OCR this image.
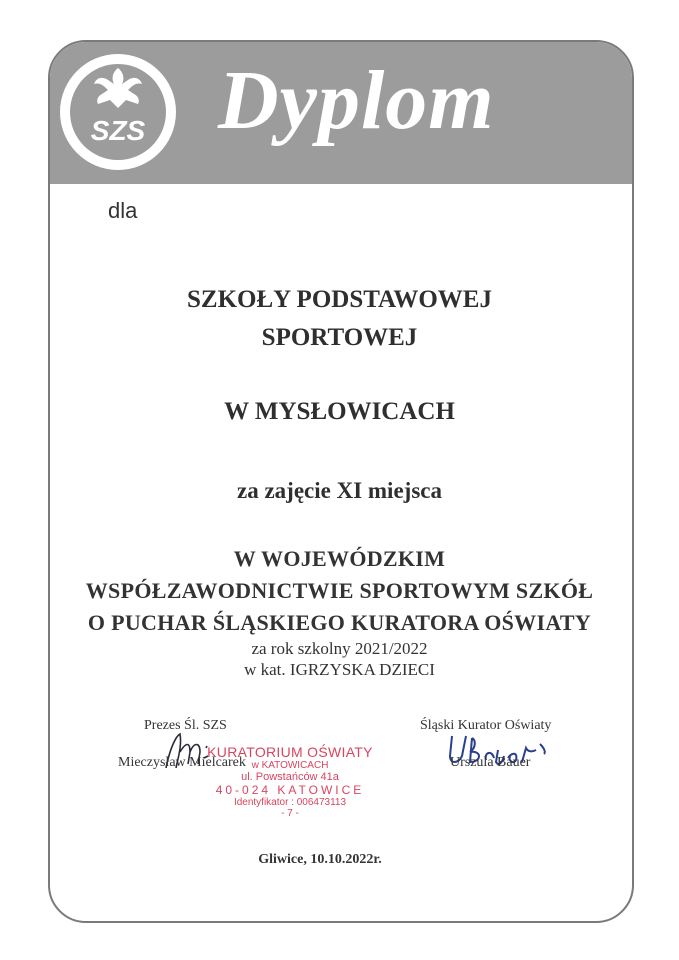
SZS Dyplom
dla
SZKOŁY PODSTAWOWEJ
SPORTOWEJ
W MYSŁOWICACH
za zajęcie XI miejsca
W WOJEWÓDZKIM
WSPÓŁZAWODNICTWIE SPORTOWYM SZKÓŁ
O PUCHAR ŚLĄSKIEGO KURATORA OŚWIATY
za rok szkolny 2021/2022
w kat. IGRZYSKA DZIECI
Prezes Śl. SZS
Mieczysław Mielcarek
Śląski Kurator Oświaty
Urszula Bauer
KURATORIUM OŚWIATY
w KATOWICACH
ul. Powstańców 41a
40-024 KATOWICE
Identyfikator : 006473113
- 7 -
Gliwice, 10.10.2022r.
